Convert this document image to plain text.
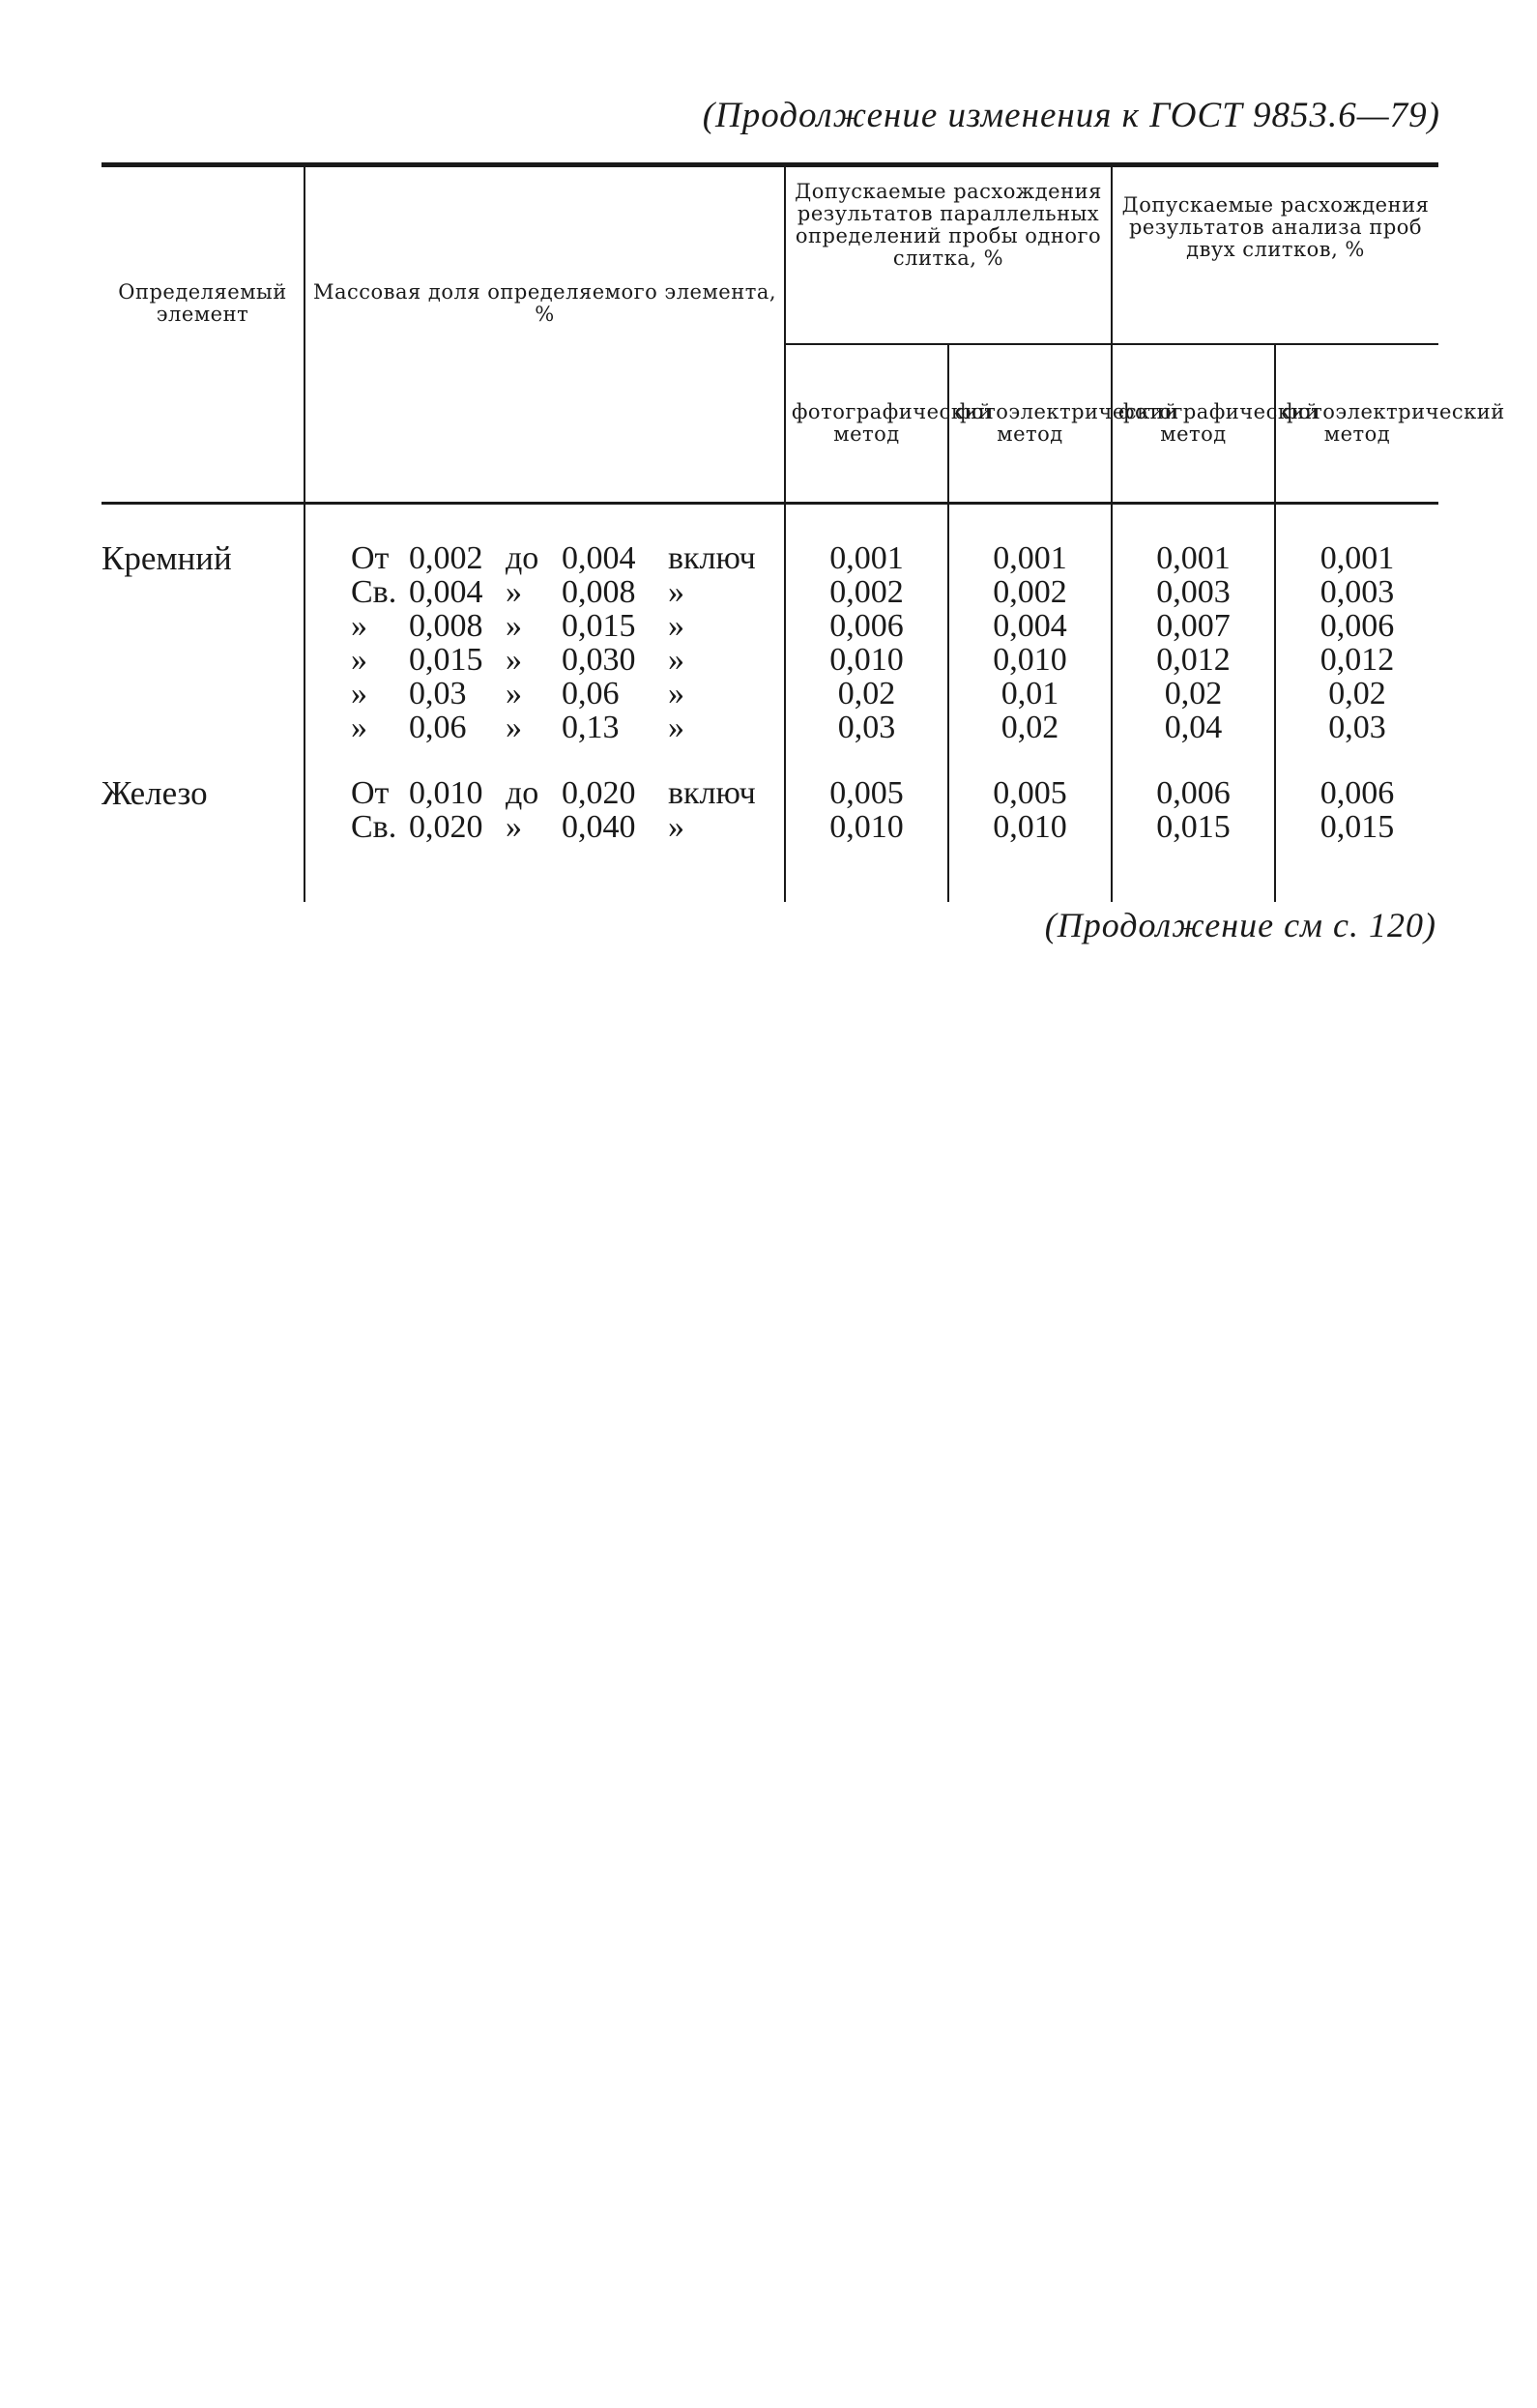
(Продолжение изменения к ГОСТ 9853.6—79)
Определяемый элемент	Массовая доля определяемого элемента, %	Допускаемые расхождения результатов параллельных определений пробы одного слитка, %		Допускаемые расхождения результатов анализа проб двух слитков, %	
		фотографический метод	фотоэлектрический метод	фотографический метод	фотоэлектрический метод

Кремний	От 0,002 до 0,004 включ	0,001	0,001	0,001	0,001
	Св. 0,004 » 0,008 »	0,002	0,002	0,003	0,003
	» 0,008 » 0,015 »	0,006	0,004	0,007	0,006
	» 0,015 » 0,030 »	0,010	0,010	0,012	0,012
	» 0,03 » 0,06 »	0,02	0,01	0,02	0,02
	» 0,06 » 0,13 »	0,03	0,02	0,04	0,03

Железо	От 0,010 до 0,020 включ	0,005	0,005	0,006	0,006
	Св. 0,020 » 0,040 »	0,010	0,010	0,015	0,015

(Продолжение см с. 120)
